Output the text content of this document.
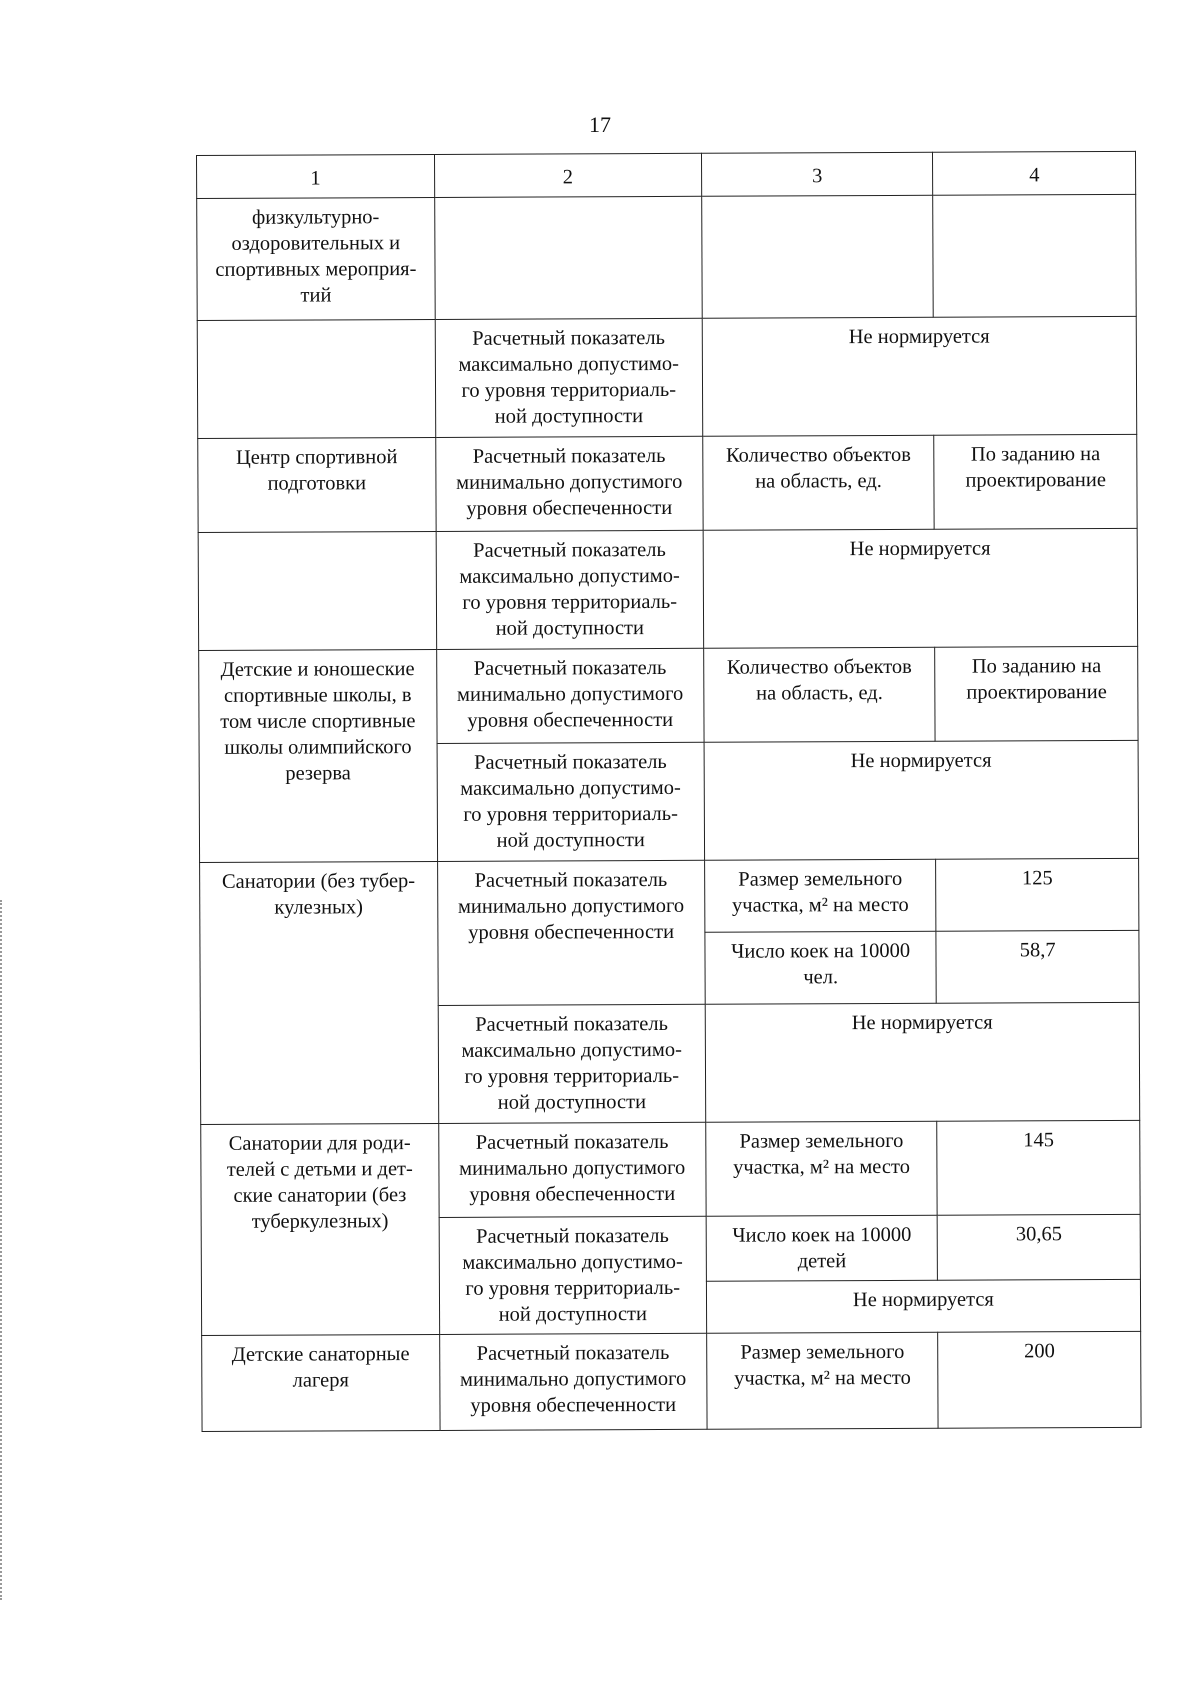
17
1	2	3	4
физкультурно-
оздоровительных и
спортивных мероприя-
тий			
	Расчетный показатель
максимально допустимо-
го уровня территориаль-
ной доступности	Не нормируется	
Центр спортивной
подготовки	Расчетный показатель
минимально допустимого
уровня обеспеченности	Количество объектов
на область, ед.	По заданию на
проектирование
	Расчетный показатель
максимально допустимо-
го уровня территориаль-
ной доступности	Не нормируется	
Детские и юношеские
спортивные школы, в
том числе спортивные
школы олимпийского
резерва	Расчетный показатель
минимально допустимого
уровня обеспеченности	Количество объектов
на область, ед.	По заданию на
проектирование
	Расчетный показатель
максимально допустимо-
го уровня территориаль-
ной доступности	Не нормируется	
Санатории (без тубер-
кулезных)	Расчетный показатель
минимально допустимого
уровня обеспеченности	Размер земельного
участка, м² на место	125
		Число коек на 10000
чел.	58,7
	Расчетный показатель
максимально допустимо-
го уровня территориаль-
ной доступности	Не нормируется	
Санатории для роди-
телей с детьми и дет-
ские санатории (без
туберкулезных)	Расчетный показатель
минимально допустимого
уровня обеспеченности	Размер земельного
участка, м² на место	145
	Расчетный показатель
максимально допустимо-
го уровня территориаль-
ной доступности	Число коек на 10000
детей	30,65
		Не нормируется	
Детские санаторные
лагеря	Расчетный показатель
минимально допустимого
уровня обеспеченности	Размер земельного
участка, м² на место	200
